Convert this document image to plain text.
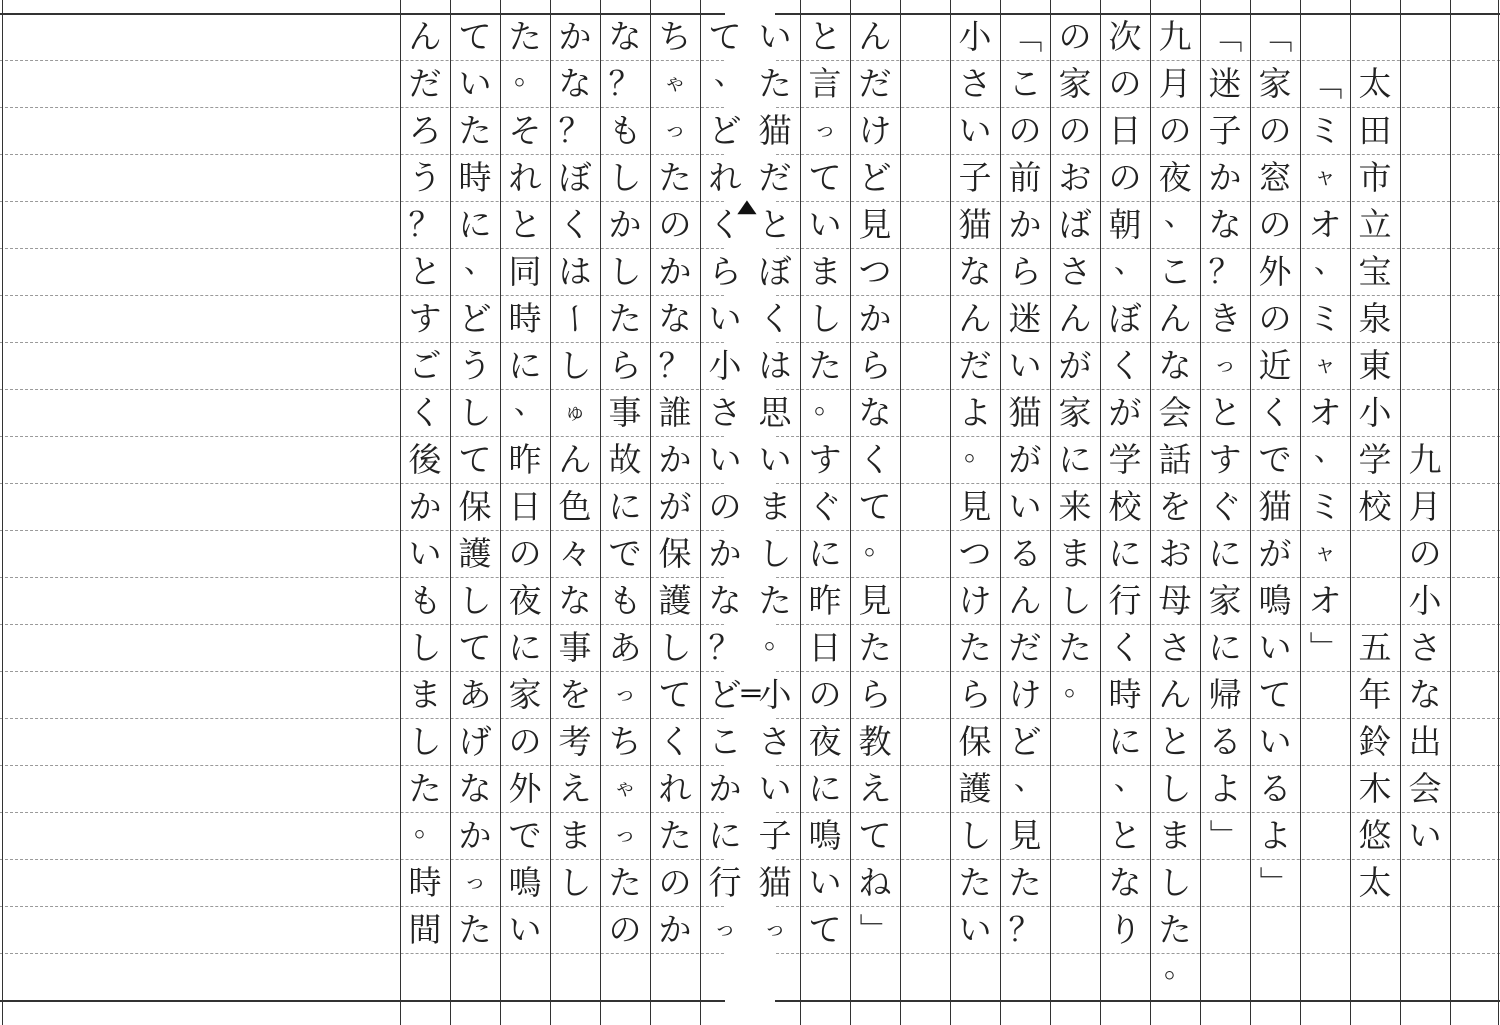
▲
＝
九
月
の
小
さ
な
出
会
い
太
田
市
立
宝
泉
東
小
学
校
五
年
鈴
木
悠
太
「
ミ
ャ
オ
、
ミ
ャ
オ
、
ミ
ャ
オ
」
「
家
の
窓
の
外
の
近
く
で
猫
が
鳴
い
て
い
る
よ
」
「
迷
子
か
な
？
き
っ
と
す
ぐ
に
家
に
帰
る
よ
」
九
月
の
夜
、
こ
ん
な
会
話
を
お
母
さ
ん
と
し
ま
し
た
。
次
の
日
の
朝
、
ぼ
く
が
学
校
に
行
く
時
に
、
と
な
り
の
家
の
お
ば
さ
ん
が
家
に
来
ま
し
た
。
「
こ
の
前
か
ら
迷
い
猫
が
い
る
ん
だ
け
ど
、
見
た
？
小
さ
い
子
猫
な
ん
だ
よ
。
見
つ
け
た
ら
保
護
し
た
い
ん
だ
け
ど
見
つ
か
ら
な
く
て
。
見
た
ら
教
え
て
ね
」
と
言
っ
て
い
ま
し
た
。
す
ぐ
に
昨
日
の
夜
に
鳴
い
て
い
た
猫
だ
と
ぼ
く
は
思
い
ま
し
た
。
小
さ
い
子
猫
っ
て
、
ど
れ
く
ら
い
小
さ
い
の
か
な
？
ど
こ
か
に
行
っ
ち
ゃ
っ
た
の
か
な
？
誰
か
が
保
護
し
て
く
れ
た
の
か
な
？
も
し
か
し
た
ら
事
故
に
で
も
あ
っ
ち
ゃ
っ
た
の
か
な
？
ぼ
く
は
ー
し
ゅ
ん
色
々
な
事
を
考
え
ま
し
た
。
そ
れ
と
同
時
に
、
昨
日
の
夜
に
家
の
外
で
鳴
い
て
い
た
時
に
、
ど
う
し
て
保
護
し
て
あ
げ
な
か
っ
た
ん
だ
ろ
う
？
と
す
ご
く
後
か
い
も
し
ま
し
た
。
時
間
